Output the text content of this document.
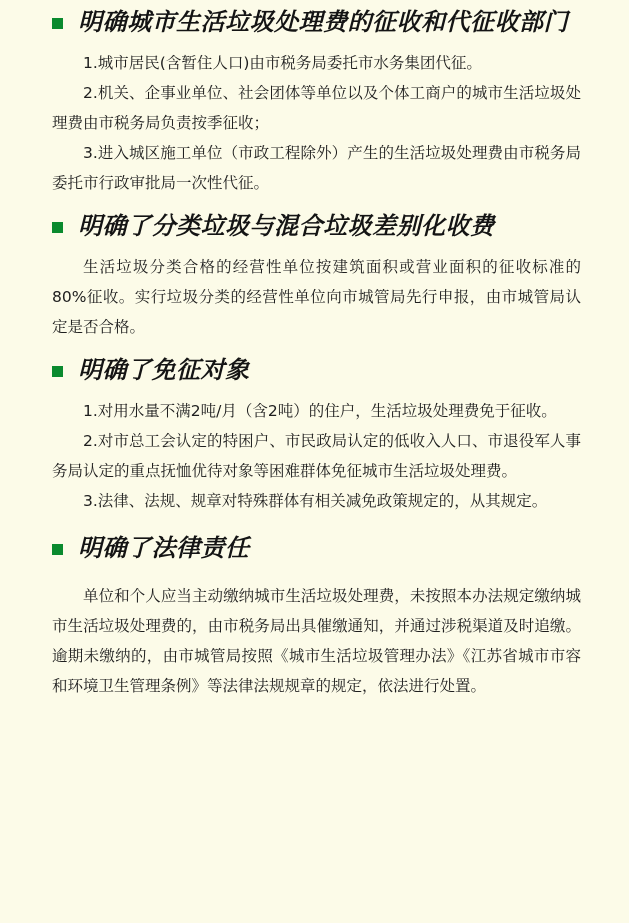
明确城市生活垃圾处理费的征收和代征收部门

1.城市居民(含暂住人口)由市税务局委托市水务集团代征。

2.机关、企事业单位、社会团体等单位以及个体工商户的城市生活垃圾处理费由市税务局负责按季征收；

3.进入城区施工单位（市政工程除外）产生的生活垃圾处理费由市税务局委托市行政审批局一次性代征。

明确了分类垃圾与混合垃圾差别化收费

生活垃圾分类合格的经营性单位按建筑面积或营业面积的征收标准的80%征收。实行垃圾分类的经营性单位向市城管局先行申报，由市城管局认定是否合格。

明确了免征对象

1.对用水量不满2吨/月（含2吨）的住户，生活垃圾处理费免于征收。

2.对市总工会认定的特困户、市民政局认定的低收入人口、市退役军人事务局认定的重点抚恤优待对象等困难群体免征城市生活垃圾处理费。

3.法律、法规、规章对特殊群体有相关减免政策规定的，从其规定。

明确了法律责任

单位和个人应当主动缴纳城市生活垃圾处理费，未按照本办法规定缴纳城市生活垃圾处理费的，由市税务局出具催缴通知，并通过涉税渠道及时追缴。逾期未缴纳的，由市城管局按照《城市生活垃圾管理办法》《江苏省城市市容和环境卫生管理条例》等法律法规规章的规定，依法进行处置。
